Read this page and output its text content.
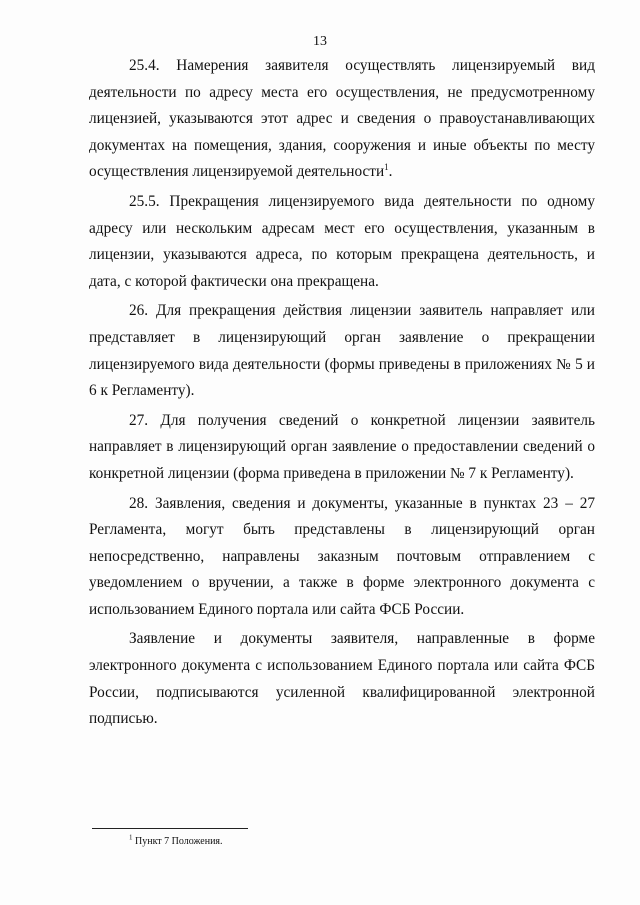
13

25.4. Намерения заявителя осуществлять лицензируемый вид деятельности по адресу места его осуществления, не предусмотренному лицензией, указываются этот адрес и сведения о правоустанавливающих документах на помещения, здания, сооружения и иные объекты по месту осуществления лицензируемой деятельности$^1$.

25.5. Прекращения лицензируемого вида деятельности по одному адресу или нескольким адресам мест его осуществления, указанным в лицензии, указываются адреса, по которым прекращена деятельность, и дата, с которой фактически она прекращена.

26. Для прекращения действия лицензии заявитель направляет или представляет в лицензирующий орган заявление о прекращении лицензируемого вида деятельности (формы приведены в приложениях № 5 и 6 к Регламенту).

27. Для получения сведений о конкретной лицензии заявитель направляет в лицензирующий орган заявление о предоставлении сведений о конкретной лицензии (форма приведена в приложении № 7 к Регламенту).

28. Заявления, сведения и документы, указанные в пунктах 23 – 27 Регламента, могут быть представлены в лицензирующий орган непосредственно, направлены заказным почтовым отправлением с уведомлением о вручении, а также в форме электронного документа с использованием Единого портала или сайта ФСБ России.

Заявление и документы заявителя, направленные в форме электронного документа с использованием Единого портала или сайта ФСБ России, подписываются усиленной квалифицированной электронной подписью.

$^1$ Пункт 7 Положения.
